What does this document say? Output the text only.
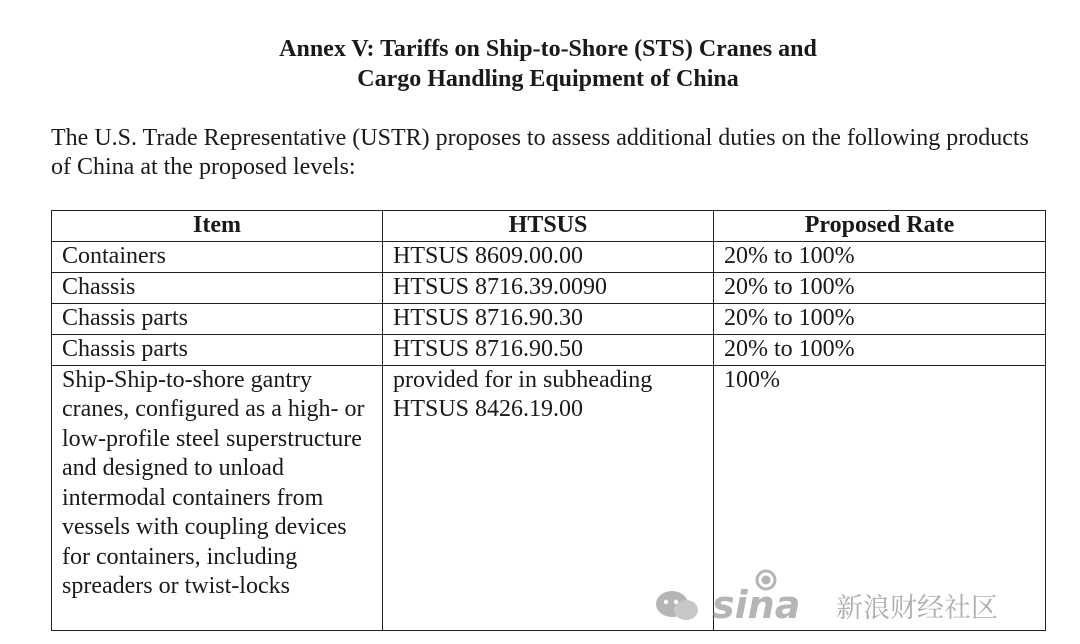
Annex V: Tariffs on Ship-to-Shore (STS) Cranes and
Cargo Handling Equipment of China
The U.S. Trade Representative (USTR) proposes to assess additional duties on the following products of China at the proposed levels:
Item	HTSUS	Proposed Rate
Containers	HTSUS 8609.00.00	20% to 100%
Chassis	HTSUS 8716.39.0090	20% to 100%
Chassis parts	HTSUS 8716.90.30	20% to 100%
Chassis parts	HTSUS 8716.90.50	20% to 100%
Ship-Ship-to-shore gantry cranes, configured as a high- or low-profile steel superstructure and designed to unload intermodal containers from vessels with coupling devices for containers, including spreaders or twist-locks	provided for in subheading HTSUS 8426.19.00	100%
sina 新浪财经社区
